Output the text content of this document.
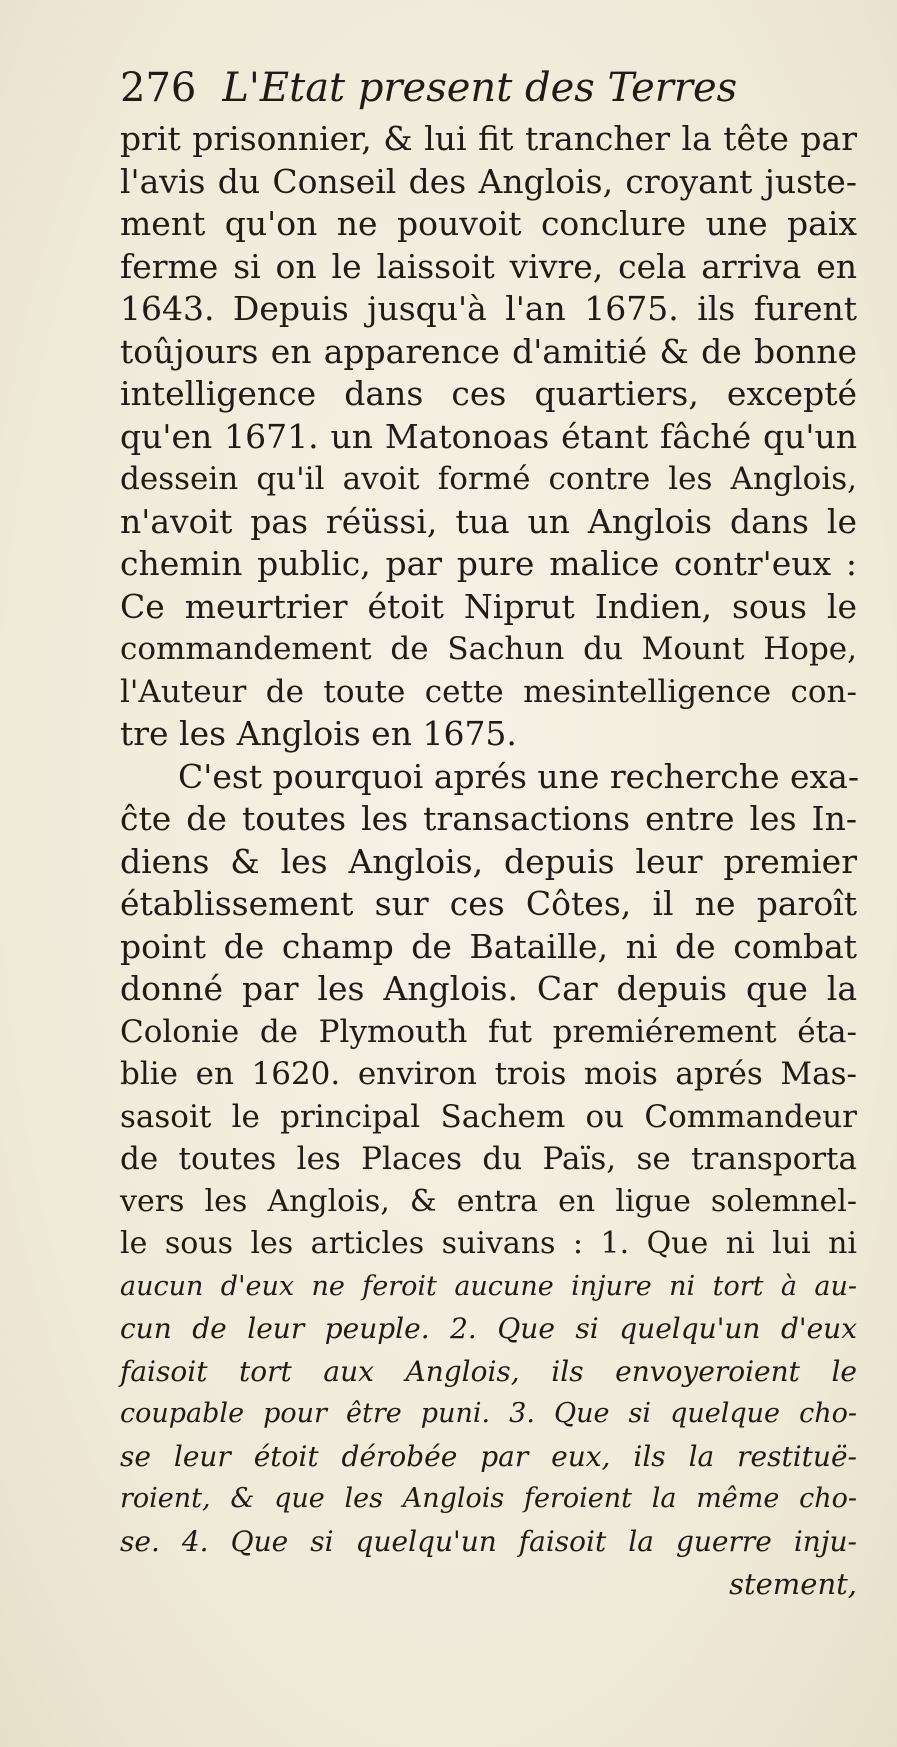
276 L'Etat present des Terres
prit prisonnier, & lui fit trancher la tête par
l'avis du Conseil des Anglois, croyant juste-
ment qu'on ne pouvoit conclure une paix
ferme si on le laissoit vivre, cela arriva en
1643. Depuis jusqu'à l'an 1675. ils furent
toûjours en apparence d'amitié & de bonne
intelligence dans ces quartiers, excepté
qu'en 1671. un Matonoas étant fâché qu'un
dessein qu'il avoit formé contre les Anglois,
n'avoit pas réüssi, tua un Anglois dans le
chemin public, par pure malice contr'eux :
Ce meurtrier étoit Niprut Indien, sous le
commandement de Sachun du Mount Hope,
l'Auteur de toute cette mesintelligence con-
tre les Anglois en 1675.
C'est pourquoi aprés une recherche exa-
ĉte de toutes les transactions entre les In-
diens & les Anglois, depuis leur premier
établissement sur ces Côtes, il ne paroît
point de champ de Bataille, ni de combat
donné par les Anglois. Car depuis que la
Colonie de Plymouth fut premiérement éta-
blie en 1620. environ trois mois aprés Mas-
sasoit le principal Sachem ou Commandeur
de toutes les Places du Païs, se transporta
vers les Anglois, & entra en ligue solemnel-
le sous les articles suivans : 1. Que ni lui ni
aucun d'eux ne feroit aucune injure ni tort à au-
cun de leur peuple. 2. Que si quelqu'un d'eux
faisoit tort aux Anglois, ils envoyeroient le
coupable pour être puni. 3. Que si quelque cho-
se leur étoit dérobée par eux, ils la restituë-
roient, & que les Anglois feroient la même cho-
se. 4. Que si quelqu'un faisoit la guerre inju-
stement,
